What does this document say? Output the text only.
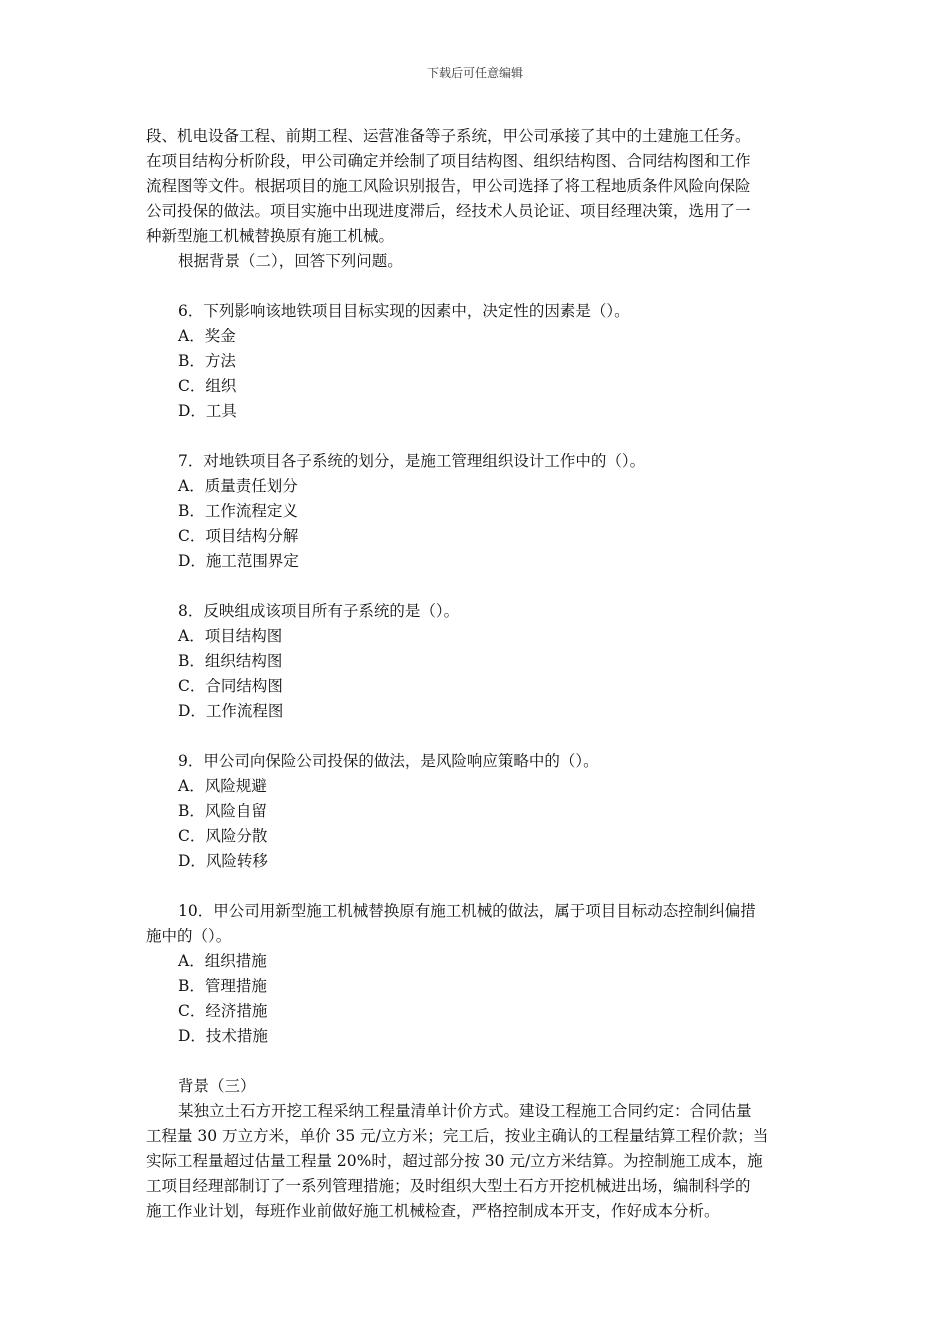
下载后可任意编辑

段、机电设备工程、前期工程、运营准备等子系统，甲公司承接了其中的土建施工任务。

在项目结构分析阶段，甲公司确定并绘制了项目结构图、组织结构图、合同结构图和工作

流程图等文件。根据项目的施工风险识别报告，甲公司选择了将工程地质条件风险向保险

公司投保的做法。项目实施中出现进度滞后，经技术人员论证、项目经理决策，选用了一

种新型施工机械替换原有施工机械。

根据背景（二），回答下列问题。

6．下列影响该地铁项目目标实现的因素中，决定性的因素是（）。

A．奖金

B．方法

C．组织

D．工具

7．对地铁项目各子系统的划分，是施工管理组织设计工作中的（）。

A．质量责任划分

B．工作流程定义

C．项目结构分解

D．施工范围界定

8．反映组成该项目所有子系统的是（）。

A．项目结构图

B．组织结构图

C．合同结构图

D．工作流程图

9．甲公司向保险公司投保的做法，是风险响应策略中的（）。

A．风险规避

B．风险自留

C．风险分散

D．风险转移

10．甲公司用新型施工机械替换原有施工机械的做法，属于项目目标动态控制纠偏措

施中的（）。

A．组织措施

B．管理措施

C．经济措施

D．技术措施

背景（三）

某独立土石方开挖工程采纳工程量清单计价方式。建设工程施工合同约定：合同估量

工程量 30 万立方米，单价 35 元/立方米；完工后，按业主确认的工程量结算工程价款；当

实际工程量超过估量工程量 20%时，超过部分按 30 元/立方米结算。为控制施工成本，施

工项目经理部制订了一系列管理措施；及时组织大型土石方开挖机械进出场，编制科学的

施工作业计划，每班作业前做好施工机械检查，严格控制成本开支，作好成本分析。
